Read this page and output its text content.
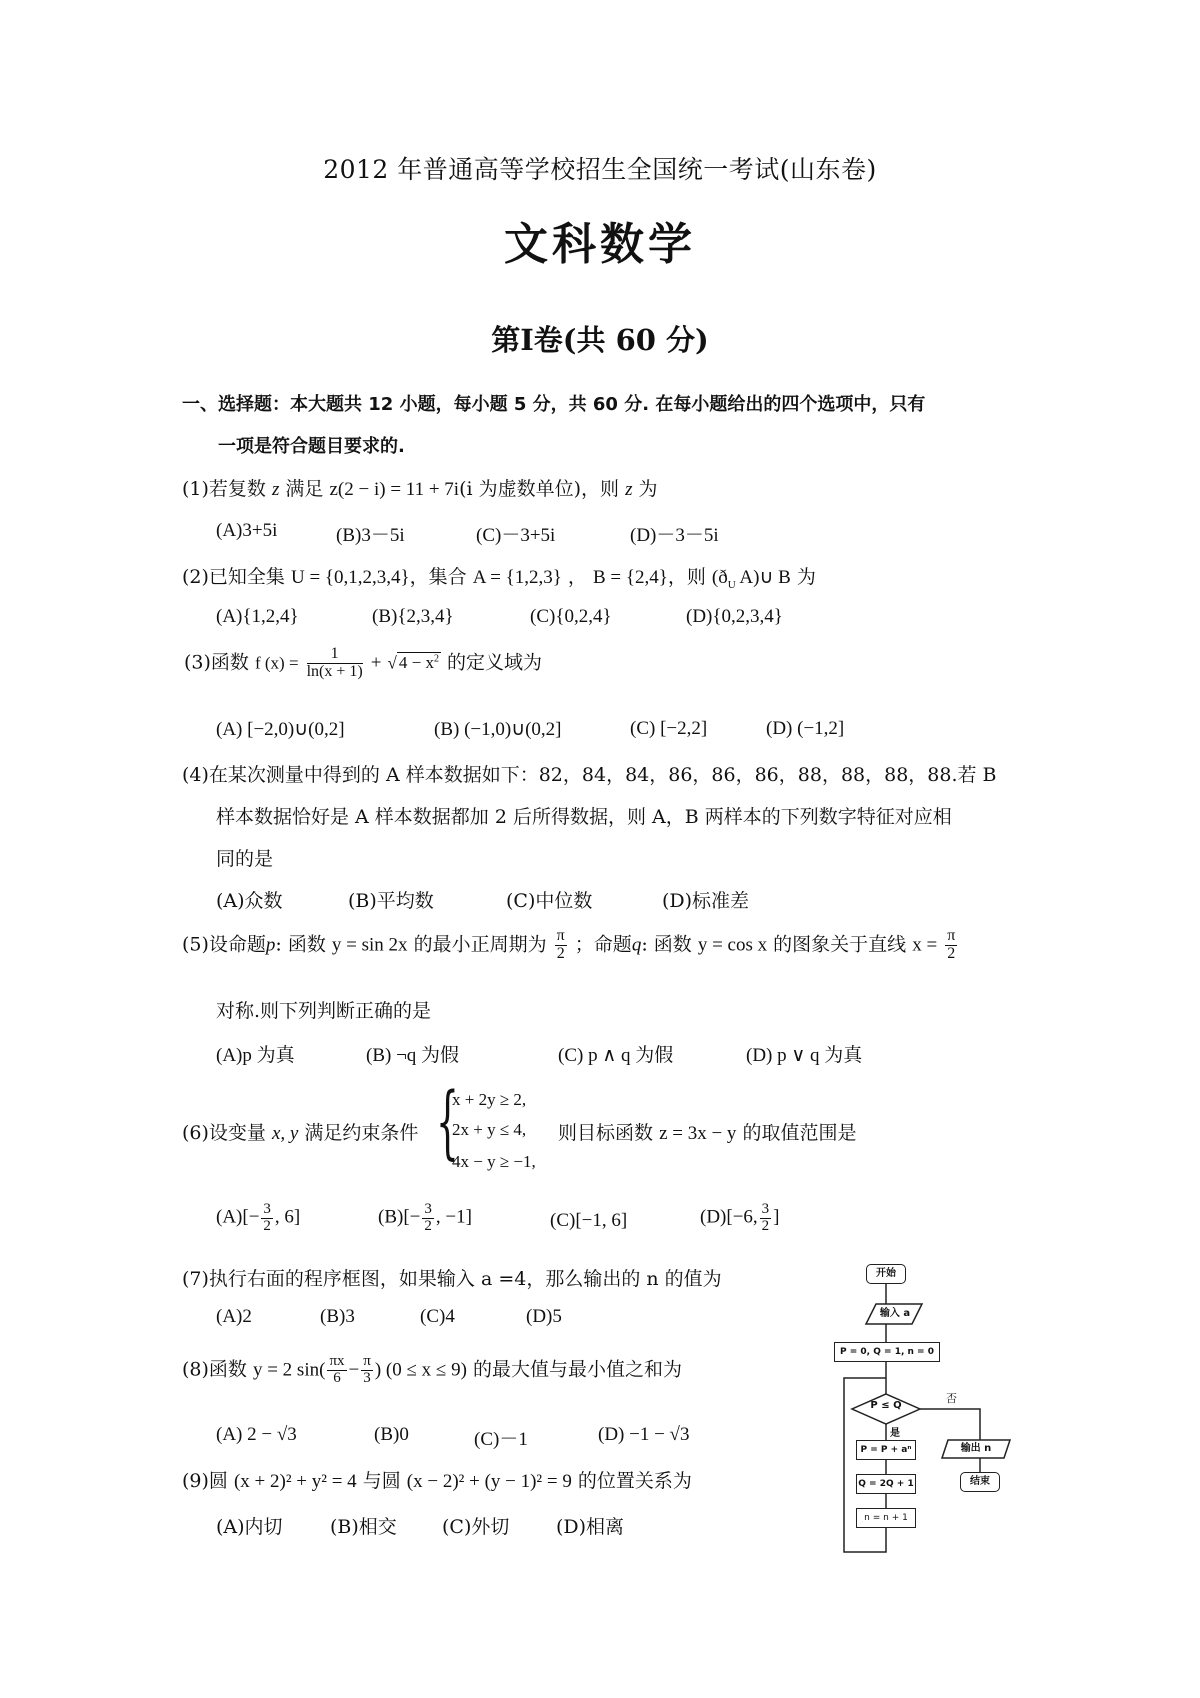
2012 年普通高等学校招生全国统一考试(山东卷)
文科数学
第Ⅰ卷(共 60 分)
一、选择题：本大题共 12 小题，每小题 5 分，共 60 分. 在每小题给出的四个选项中，只有
一项是符合题目要求的.
(1)若复数 z 满足 z(2 − i) = 11 + 7i(i 为虚数单位)，则 z 为
(A)3+5i	(B)3－5i	(C)－3+5i	(D)－3－5i
(2)已知全集 U = {0,1,2,3,4}，集合 A = {1,2,3} ， B = {2,4}，则 ($ð_U$ A)∪ B 为
(A){1,2,4}	(B){2,3,4}	(C){0,2,4}	(D){0,2,3,4}
(3)函数 f $(x) = \frac{1}{\ln(x + 1)}$ + √ $4 - x^2$ 的定义域为
(A) [−2,0)∪(0,2]	(B) (−1,0)∪(0,2]	(C) [−2,2]	(D) (−1,2]
(4)在某次测量中得到的 A 样本数据如下：82，84，84，86，86，86，88，88，88，88.若 B
样本数据恰好是 A 样本数据都加 2 后所得数据，则 A，B 两样本的下列数字特征对应相
同的是
(A)众数	(B)平均数	(C)中位数	(D)标准差
(5)设命题p: 函数 y = sin 2x 的最小正周期为 $\frac{\pi}{2}$ ；命题q: 函数 y = cos x 的图象关于直线 $x = \frac{\pi}{2}$
对称.则下列判断正确的是
(A)p 为真	(B) ¬q 为假	(C) p ∧ q 为假	(D) p ∨ q 为真
(6)设变量 x, y 满足约束条件 {
x + 2y ≥ 2,
2x + y ≤ 4,
4x − y ≥ −1,
则目标函数 z = 3x − y 的取值范围是
$(A)[- \frac{3}{2}$ , 6]	$(B)[- \frac{3}{2}$ , −1]	(C)[−1, 6]	(D)[−6, $\frac{3}{2}$ ]
(7)执行右面的程序框图，如果输入 a =4，那么输出的 n 的值为
(A)2	(B)3	(C)4	(D)5
(8)函数 y = 2 $\sin( \frac{\pi x}{6} - \frac{\pi}{3}$ ) (0 ≤ x ≤ 9) 的最大值与最小值之和为
(A) 2 − √3	(B)0	(C)－1	(D) −1 − √3
(9)圆 (x + 2)² + y² = 4 与圆 (x − 2)² + (y − 1)² = 9 的位置关系为
(A)内切 (B)相交 (C)外切 (D)相离
开始
输入 a
P = 0, Q = 1, n = 0
P ≤ Q
否
是
P = P + aⁿ
Q = 2Q + 1
n = n + 1
输出 n
结束
